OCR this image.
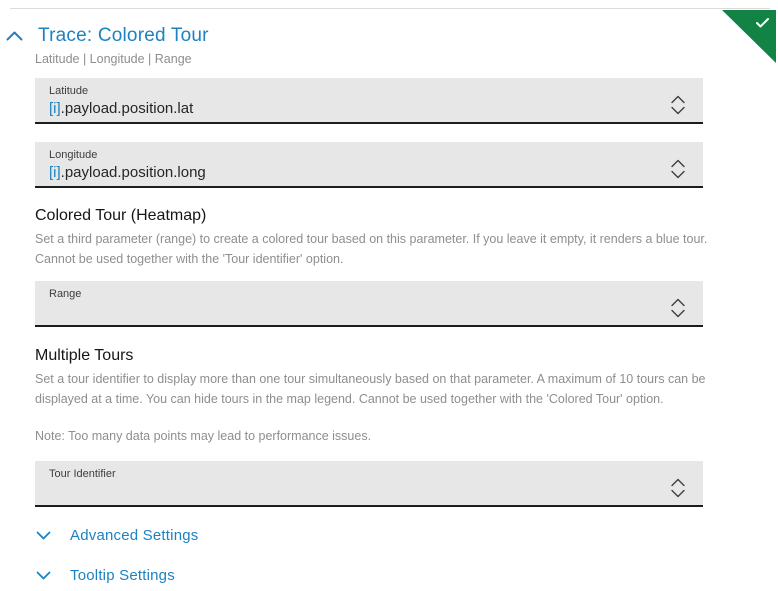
Trace: Colored Tour
Latitude | Longitude | Range
Latitude
[i].payload.position.lat
Longitude
[i].payload.position.long
Colored Tour (Heatmap)
Set a third parameter (range) to create a colored tour based on this parameter. If you leave it empty, it renders a blue tour. Cannot be used together with the 'Tour identifier' option.
Range
Multiple Tours
Set a tour identifier to display more than one tour simultaneously based on that parameter. A maximum of 10 tours can be displayed at a time. You can hide tours in the map legend. Cannot be used together with the 'Colored Tour' option.
Note: Too many data points may lead to performance issues.
Tour Identifier
Advanced Settings
Tooltip Settings
